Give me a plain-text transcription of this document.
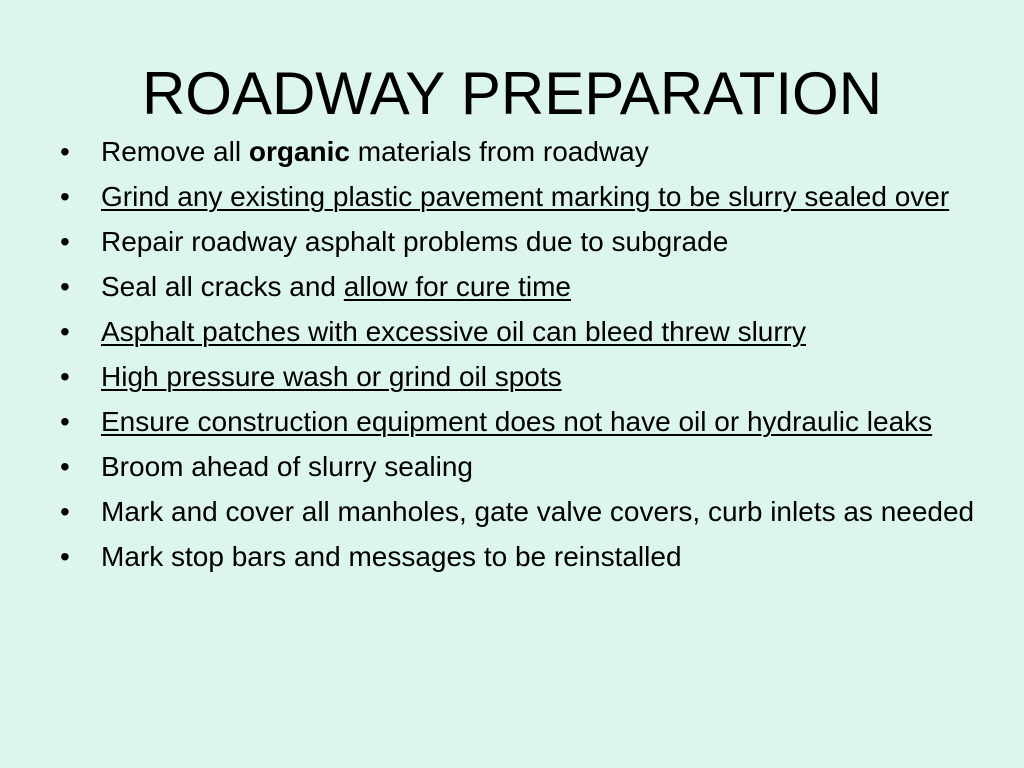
ROADWAY PREPARATION
•	Remove all organic materials from roadway
•	Grind any existing plastic pavement marking to be slurry sealed over
•	Repair roadway asphalt problems due to subgrade
•	Seal all cracks and allow for cure time
•	Asphalt patches with excessive oil can bleed threw slurry
•	High pressure wash or grind oil spots
•	Ensure construction equipment does not have oil or hydraulic leaks
•	Broom ahead of slurry sealing
•	Mark and cover all manholes, gate valve covers, curb inlets as needed
•	Mark stop bars and messages to be reinstalled
